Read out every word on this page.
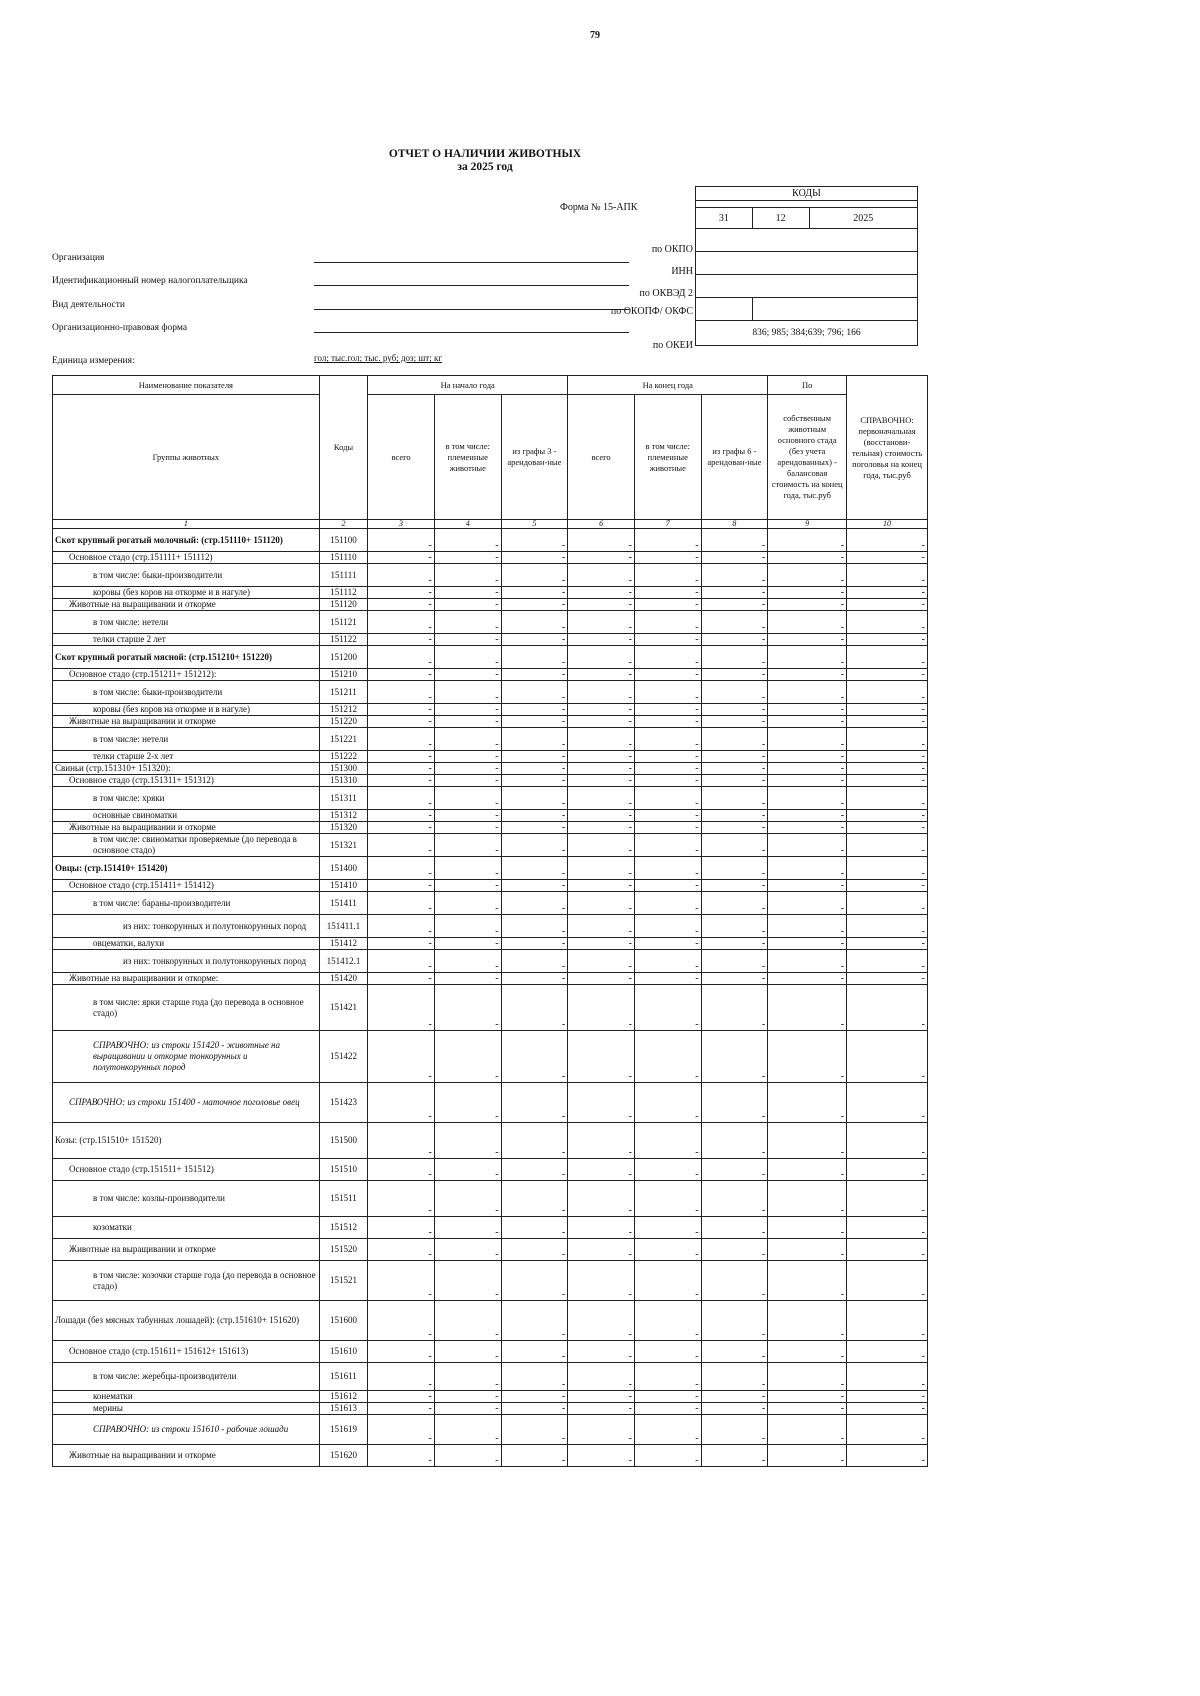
79
ОТЧЕТ О НАЛИЧИИ ЖИВОТНЫХ
за 2025 год
Форма № 15-АПК
КОДЫ		

31	12	2025

836; 985; 384;639; 796; 166		
по ОКПО
ИНН
по ОКВЭД 2
по ОКОПФ/ ОКФС
по ОКЕИ
Организация
Идентификационный номер налогоплательщика
Вид деятельности
Организационно-правовая форма
Единица измерения:	гол; тыс.гол; тыс. руб; доз; шт; кг
Наименование показателя	Коды	На начало года			На конец года			По	СПРАВОЧНО: первоначальная (восстанови-тельная) стоимость поголовья на конец года, тыс.руб
Группы животных		всего	в том числе: племенные животные	из графы 3 - арендован-ные	всего	в том числе: племенные животные	из графы 6 - арендован-ные	собственным животным основного стада (без учета арендованных) - балансовая стоимость на конец года, тыс.руб	
1	2	3	4	5	6	7	8	9	10
Скот крупный рогатый молочный: (стр.151110+ 151120)	151100	-	-	-	-	-	-	-	-
Основное стадо (стр.151111+ 151112)	151110	-	-	-	-	-	-	-	-
в том числе: быки-производители	151111	-	-	-	-	-	-	-	-
коровы (без коров на откорме и в нагуле)	151112	-	-	-	-	-	-	-	-
Животные на выращивании и откорме	151120	-	-	-	-	-	-	-	-
в том числе: нетели	151121	-	-	-	-	-	-	-	-
телки старше 2 лет	151122	-	-	-	-	-	-	-	-
Скот крупный рогатый мясной: (стр.151210+ 151220)	151200	-	-	-	-	-	-	-	-
Основное стадо (стр.151211+ 151212):	151210	-	-	-	-	-	-	-	-
в том числе: быки-производители	151211	-	-	-	-	-	-	-	-
коровы (без коров на откорме и в нагуле)	151212	-	-	-	-	-	-	-	-
Животные на выращивании и откорме	151220	-	-	-	-	-	-	-	-
в том числе: нетели	151221	-	-	-	-	-	-	-	-
телки старше 2-х лет	151222	-	-	-	-	-	-	-	-
Свиньи (стр.151310+ 151320):	151300	-	-	-	-	-	-	-	-
Основное стадо (стр.151311+ 151312)	151310	-	-	-	-	-	-	-	-
в том числе: хряки	151311	-	-	-	-	-	-	-	-
основные свиноматки	151312	-	-	-	-	-	-	-	-
Животные на выращивании и откорме	151320	-	-	-	-	-	-	-	-
в том числе: свиноматки проверяемые (до перевода в основное стадо)	151321	-	-	-	-	-	-	-	-
Овцы: (стр.151410+ 151420)	151400	-	-	-	-	-	-	-	-
Основное стадо (стр.151411+ 151412)	151410	-	-	-	-	-	-	-	-
в том числе: бараны-производители	151411	-	-	-	-	-	-	-	-
из них: тонкорунных и полутонкорунных пород	151411.1	-	-	-	-	-	-	-	-
овцематки, валухи	151412	-	-	-	-	-	-	-	-
из них: тонкорунных и полутонкорунных пород	151412.1	-	-	-	-	-	-	-	-
Животные на выращивании и откорме:	151420	-	-	-	-	-	-	-	-
в том числе: ярки старше года (до перевода в основное стадо)	151421	-	-	-	-	-	-	-	-
СПРАВОЧНО: из строки 151420 - животные на выращивании и откорме тонкорунных и полутонкорунных пород	151422	-	-	-	-	-	-	-	-
СПРАВОЧНО: из строки 151400 - маточное поголовье овец	151423	-	-	-	-	-	-	-	-
Козы: (стр.151510+ 151520)	151500	-	-	-	-	-	-	-	-
Основное стадо (стр.151511+ 151512)	151510	-	-	-	-	-	-	-	-
в том числе: козлы-производители	151511	-	-	-	-	-	-	-	-
козоматки	151512	-	-	-	-	-	-	-	-
Животные на выращивании и откорме	151520	-	-	-	-	-	-	-	-
в том числе: козочки старше года (до перевода в основное стадо)	151521	-	-	-	-	-	-	-	-
Лошади (без мясных табунных лошадей): (стр.151610+ 151620)	151600	-	-	-	-	-	-	-	-
Основное стадо (стр.151611+ 151612+ 151613)	151610	-	-	-	-	-	-	-	-
в том числе: жеребцы-производители	151611	-	-	-	-	-	-	-	-
конематки	151612	-	-	-	-	-	-	-	-
мерины	151613	-	-	-	-	-	-	-	-
СПРАВОЧНО: из строки 151610 - рабочие лошади	151619	-	-	-	-	-	-	-	-
Животные на выращивании и откорме	151620	-	-	-	-	-	-	-	-
